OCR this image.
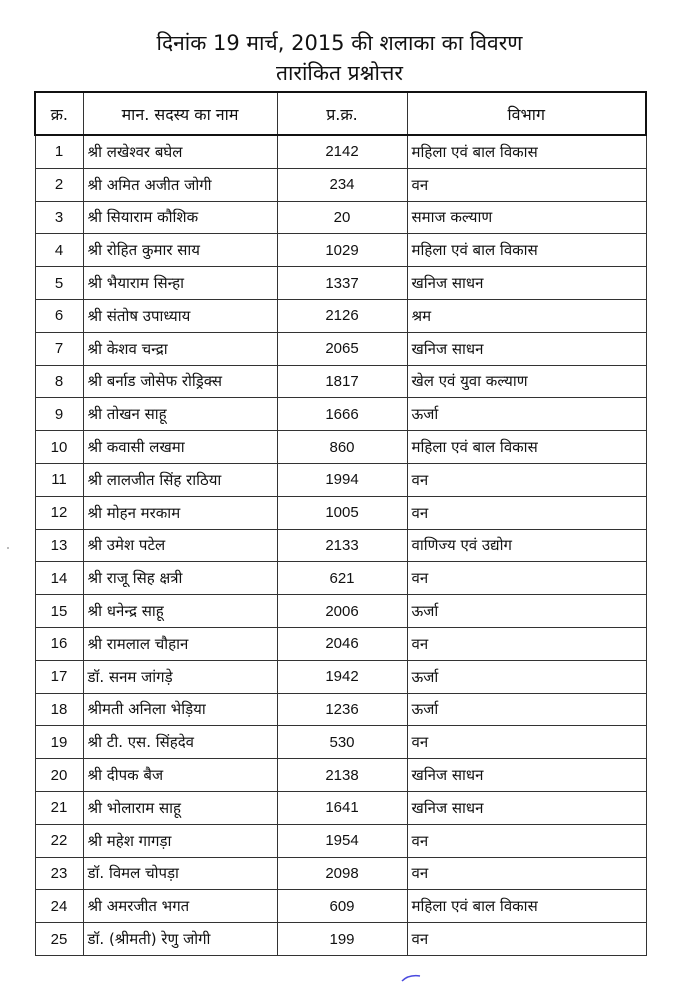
दिनांक 19 मार्च, 2015 की शलाका का विवरण
तारांकित प्रश्नोत्तर
क्र.	मान. सदस्य का नाम	प्र.क्र.	विभाग
1	श्री लखेश्वर बघेल	2142	महिला एवं बाल विकास
2	श्री अमित अजीत जोगी	234	वन
3	श्री सियाराम कौशिक	20	समाज कल्याण
4	श्री रोहित कुमार साय	1029	महिला एवं बाल विकास
5	श्री भैयाराम सिन्हा	1337	खनिज साधन
6	श्री संतोष उपाध्याय	2126	श्रम
7	श्री केशव चन्द्रा	2065	खनिज साधन
8	श्री बर्नाड जोसेफ रोड्रिक्स	1817	खेल एवं युवा कल्याण
9	श्री तोखन साहू	1666	ऊर्जा
10	श्री कवासी लखमा	860	महिला एवं बाल विकास
11	श्री लालजीत सिंह राठिया	1994	वन
12	श्री मोहन मरकाम	1005	वन
13	श्री उमेश पटेल	2133	वाणिज्य एवं उद्योग
14	श्री राजू सिह क्षत्री	621	वन
15	श्री धनेन्द्र साहू	2006	ऊर्जा
16	श्री रामलाल चौहान	2046	वन
17	डॉ. सनम जांगड़े	1942	ऊर्जा
18	श्रीमती अनिला भेड़िया	1236	ऊर्जा
19	श्री टी. एस. सिंहदेव	530	वन
20	श्री दीपक बैज	2138	खनिज साधन
21	श्री भोलाराम साहू	1641	खनिज साधन
22	श्री महेश गागड़ा	1954	वन
23	डॉ. विमल चोपड़ा	2098	वन
24	श्री अमरजीत भगत	609	महिला एवं बाल विकास
25	डॉ. (श्रीमती) रेणु जोगी	199	वन
